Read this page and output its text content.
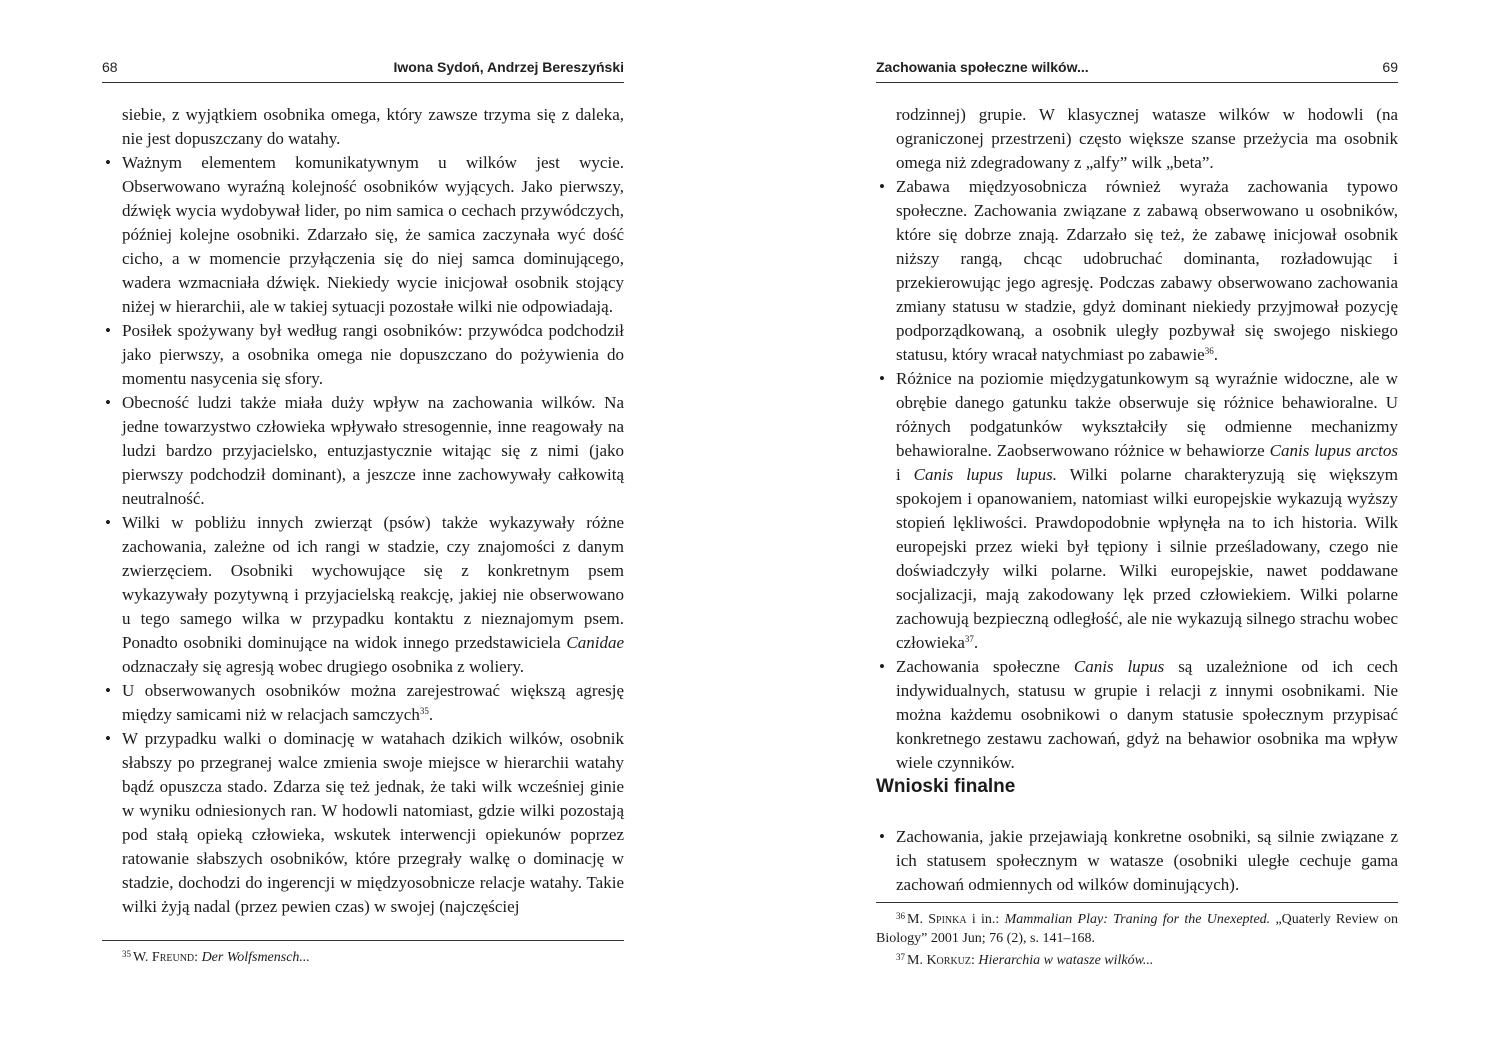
68	Iwona Sydoń, Andrzej Bereszyński

siebie, z wyjątkiem osobnika omega, który zawsze trzyma się z daleka, nie jest dopuszczany do watahy.

• Ważnym elementem komunikatywnym u wilków jest wycie. Obserwowano wyraźną kolejność osobników wyjących. Jako pierwszy, dźwięk wycia wydobywał lider, po nim samica o cechach przywódczych, później kolejne osobniki. Zdarzało się, że samica zaczynała wyć dość cicho, a w momencie przyłączenia się do niej samca dominującego, wadera wzmacniała dźwięk. Niekiedy wycie inicjował osobnik stojący niżej w hierarchii, ale w takiej sytuacji pozostałe wilki nie odpowiadają.
• Posiłek spożywany był według rangi osobników: przywódca podchodził jako pierwszy, a osobnika omega nie dopuszczano do pożywienia do momentu nasycenia się sfory.
• Obecność ludzi także miała duży wpływ na zachowania wilków. Na jedne towarzystwo człowieka wpływało stresogennie, inne reagowały na ludzi bardzo przyjacielsko, entuzjastycznie witając się z nimi (jako pierwszy podchodził dominant), a jeszcze inne zachowywały całkowitą neutralność.
• Wilki w pobliżu innych zwierząt (psów) także wykazywały różne zachowania, zależne od ich rangi w stadzie, czy znajomości z danym zwierzęciem. Osobniki wychowujące się z konkretnym psem wykazywały pozytywną i przyjacielską reakcję, jakiej nie obserwowano u tego samego wilka w przypadku kontaktu z nieznajomym psem. Ponadto osobniki dominujące na widok innego przedstawiciela Canidae odznaczały się agresją wobec drugiego osobnika z woliery.
• U obserwowanych osobników można zarejestrować większą agresję między samicami niż w relacjach samczych$^{35}$.
• W przypadku walki o dominację w watahach dzikich wilków, osobnik słabszy po przegranej walce zmienia swoje miejsce w hierarchii watahy bądź opuszcza stado. Zdarza się też jednak, że taki wilk wcześniej ginie w wyniku odniesionych ran. W hodowli natomiast, gdzie wilki pozostają pod stałą opieką człowieka, wskutek interwencji opiekunów poprzez ratowanie słabszych osobników, które przegrały walkę o dominację w stadzie, dochodzi do ingerencji w międzyosobnicze relacje watahy. Takie wilki żyją nadal (przez pewien czas) w swojej (najczęściej

$^{35}$ W. Freund: Der Wolfsmensch...

Zachowania społeczne wilków...	69

rodzinnej) grupie. W klasycznej watasze wilków w hodowli (na ograniczonej przestrzeni) często większe szanse przeżycia ma osobnik omega niż zdegradowany z „alfy” wilk „beta”.

• Zabawa międzyosobnicza również wyraża zachowania typowo społeczne. Zachowania związane z zabawą obserwowano u osobników, które się dobrze znają. Zdarzało się też, że zabawę inicjował osobnik niższy rangą, chcąc udobruchać dominanta, rozładowując i przekierowując jego agresję. Podczas zabawy obserwowano zachowania zmiany statusu w stadzie, gdyż dominant niekiedy przyjmował pozycję podporządkowaną, a osobnik uległy pozbywał się swojego niskiego statusu, który wracał natychmiast po zabawie$^{36}$.
• Różnice na poziomie międzygatunkowym są wyraźnie widoczne, ale w obrębie danego gatunku także obserwuje się różnice behawioralne. U różnych podgatunków wykształciły się odmienne mechanizmy behawioralne. Zaobserwowano różnice w behawiorze Canis lupus arctos i Canis lupus lupus. Wilki polarne charakteryzują się większym spokojem i opanowaniem, natomiast wilki europejskie wykazują wyższy stopień lękliwości. Prawdopodobnie wpłynęła na to ich historia. Wilk europejski przez wieki był tępiony i silnie prześladowany, czego nie doświadczyły wilki polarne. Wilki europejskie, nawet poddawane socjalizacji, mają zakodowany lęk przed człowiekiem. Wilki polarne zachowują bezpieczną odległość, ale nie wykazują silnego strachu wobec człowieka$^{37}$.
• Zachowania społeczne Canis lupus są uzależnione od ich cech indywidualnych, statusu w grupie i relacji z innymi osobnikami. Nie można każdemu osobnikowi o danym statusie społecznym przypisać konkretnego zestawu zachowań, gdyż na behawior osobnika ma wpływ wiele czynników.
Wnioski finalne
• Zachowania, jakie przejawiają konkretne osobniki, są silnie związane z ich statusem społecznym w watasze (osobniki uległe cechuje gama zachowań odmiennych od wilków dominujących).

$^{36}$ M. Spinka i in.: Mammalian Play: Traning for the Unexepted. „Quaterly Review on Biology” 2001 Jun; 76 (2), s. 141–168.

$^{37}$ M. Korkuz: Hierarchia w watasze wilków...
